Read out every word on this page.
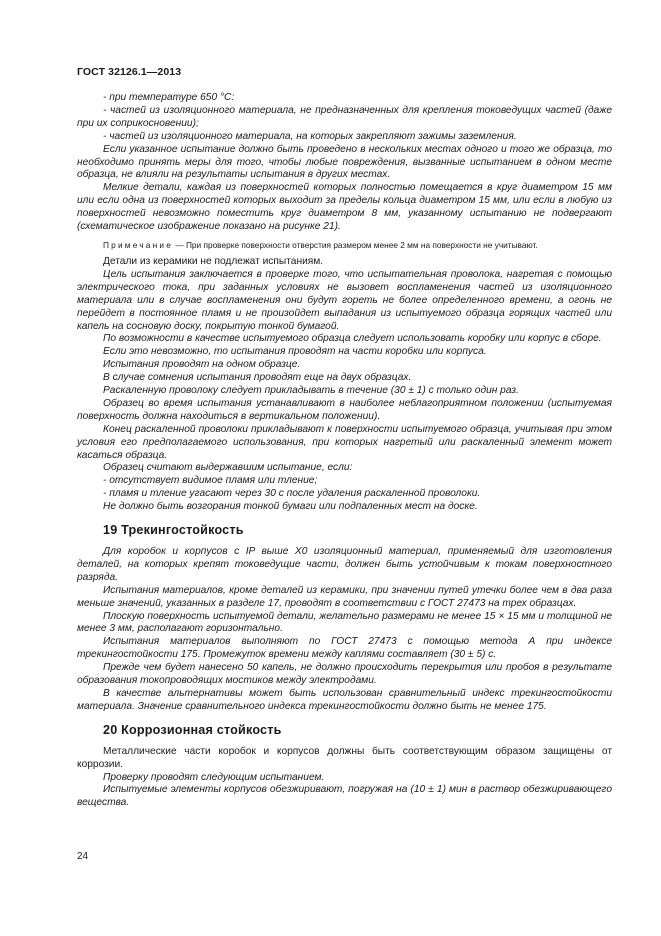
ГОСТ 32126.1—2013

- при температуре 650 °С:

- частей из изоляционного материала, не предназначенных для крепления токоведущих частей (даже при их соприкосновении);

- частей из изоляционного материала, на которых закрепляют зажимы заземления.

Если указанное испытание должно быть проведено в нескольких местах одного и того же образца, то необходимо принять меры для того, чтобы любые повреждения, вызванные испытанием в одном месте образца, не влияли на результаты испытания в других местах.

Мелкие детали, каждая из поверхностей которых полностью помещается в круг диаметром 15 мм или если одна из поверхностей которых выходит за пределы кольца диаметром 15 мм, или если в любую из поверхностей невозможно поместить круг диаметром 8 мм, указанному испытанию не подвергают (схематическое изображение показано на рисунке 21).

Примечание — При проверке поверхности отверстия размером менее 2 мм на поверхности не учитывают.

Детали из керамики не подлежат испытаниям.

Цель испытания заключается в проверке того, что испытательная проволока, нагретая с помощью электрического тока, при заданных условиях не вызовет воспламенения частей из изоляционного материала или в случае воспламенения они будут гореть не более определенного времени, а огонь не перейдет в постоянное пламя и не произойдет выпадания из испытуемого образца горящих частей или капель на сосновую доску, покрытую тонкой бумагой.

По возможности в качестве испытуемого образца следует использовать коробку или корпус в сборе.

Если это невозможно, то испытания проводят на части коробки или корпуса.

Испытания проводят на одном образце.

В случае сомнения испытания проводят еще на двух образцах.

Раскаленную проволоку следует прикладывать в течение (30 ± 1) с только один раз.

Образец во время испытания устанавливают в наиболее неблагоприятном положении (испытуемая поверхность должна находиться в вертикальном положении).

Конец раскаленной проволоки прикладывают к поверхности испытуемого образца, учитывая при этом условия его предполагаемого использования, при которых нагретый или раскаленный элемент может касаться образца.

Образец считают выдержавшим испытание, если:

- отсутствует видимое пламя или тление;

- пламя и тление угасают через 30 с после удаления раскаленной проволоки.

Не должно быть возгорания тонкой бумаги или подпаленных мест на доске.

19 Трекингостойкость

Для коробок и корпусов с IP выше Х0 изоляционный материал, применяемый для изготовления деталей, на которых крепят токоведущие части, должен быть устойчивым к токам поверхностного разряда.

Испытания материалов, кроме деталей из керамики, при значении путей утечки более чем в два раза меньше значений, указанных в разделе 17, проводят в соответствии с ГОСТ 27473 на трех образцах.

Плоскую поверхность испытуемой детали, желательно размерами не менее 15 × 15 мм и толщиной не менее 3 мм, располагают горизонтально.

Испытания материалов выполняют по ГОСТ 27473 с помощью метода А при индексе трекингостойкости 175. Промежуток времени между каплями составляет (30 ± 5) с.

Прежде чем будет нанесено 50 капель, не должно происходить перекрытия или пробоя в результате образования токопроводящих мостиков между электродами.

В качестве альтернативы может быть использован сравнительный индекс трекингостойкости материала. Значение сравнительного индекса трекингостойкости должно быть не менее 175.

20 Коррозионная стойкость

Металлические части коробок и корпусов должны быть соответствующим образом защищены от коррозии.

Проверку проводят следующим испытанием.

Испытуемые элементы корпусов обезжиривают, погружая на (10 ± 1) мин в раствор обезжиривающего вещества.

24
